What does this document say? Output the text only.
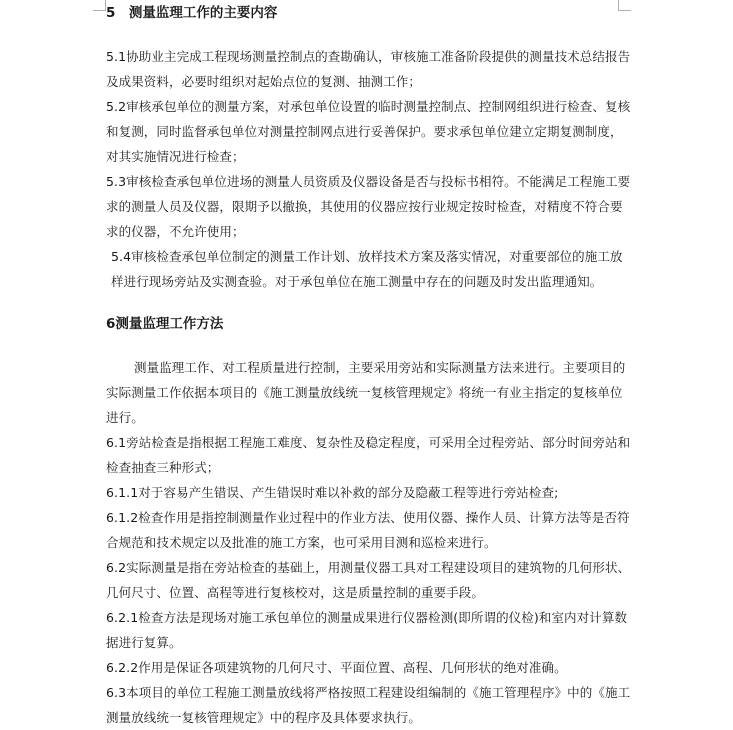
5　测量监理工作的主要内容
5.1协助业主完成工程现场测量控制点的查勘确认，审核施工准备阶段提供的测量技术总结报告及成果资料，必要时组织对起始点位的复测、抽测工作；
5.2审核承包单位的测量方案，对承包单位设置的临时测量控制点、控制网组织进行检查、复核和复测，同时监督承包单位对测量控制网点进行妥善保护。要求承包单位建立定期复测制度，对其实施情况进行检查；
5.3审核检查承包单位进场的测量人员资质及仪器设备是否与投标书相符。不能满足工程施工要求的测量人员及仪器，限期予以撤换，其使用的仪器应按行业规定按时检查，对精度不符合要求的仪器，不允许使用；
5.4审核检查承包单位制定的测量工作计划、放样技术方案及落实情况，对重要部位的施工放样进行现场旁站及实测查验。对于承包单位在施工测量中存在的问题及时发出监理通知。
6测量监理工作方法
测量监理工作、对工程质量进行控制，主要采用旁站和实际测量方法来进行。主要项目的实际测量工作依据本项目的《施工测量放线统一复核管理规定》将统一有业主指定的复核单位进行。
6.1旁站检查是指根据工程施工难度、复杂性及稳定程度，可采用全过程旁站、部分时间旁站和检查抽查三种形式；
6.1.1对于容易产生错误、产生错误时难以补救的部分及隐蔽工程等进行旁站检查;
6.1.2检查作用是指控制测量作业过程中的作业方法、使用仪器、操作人员、计算方法等是否符合规范和技术规定以及批准的施工方案，也可采用目测和巡检来进行。
6.2实际测量是指在旁站检查的基础上，用测量仪器工具对工程建设项目的建筑物的几何形状、几何尺寸、位置、高程等进行复核校对，这是质量控制的重要手段。
6.2.1检查方法是现场对施工承包单位的测量成果进行仪器检测(即所谓的仪检)和室内对计算数据进行复算。
6.2.2作用是保证各项建筑物的几何尺寸、平面位置、高程、几何形状的绝对准确。
6.3本项目的单位工程施工测量放线将严格按照工程建设组编制的《施工管理程序》中的《施工测量放线统一复核管理规定》中的程序及具体要求执行。
